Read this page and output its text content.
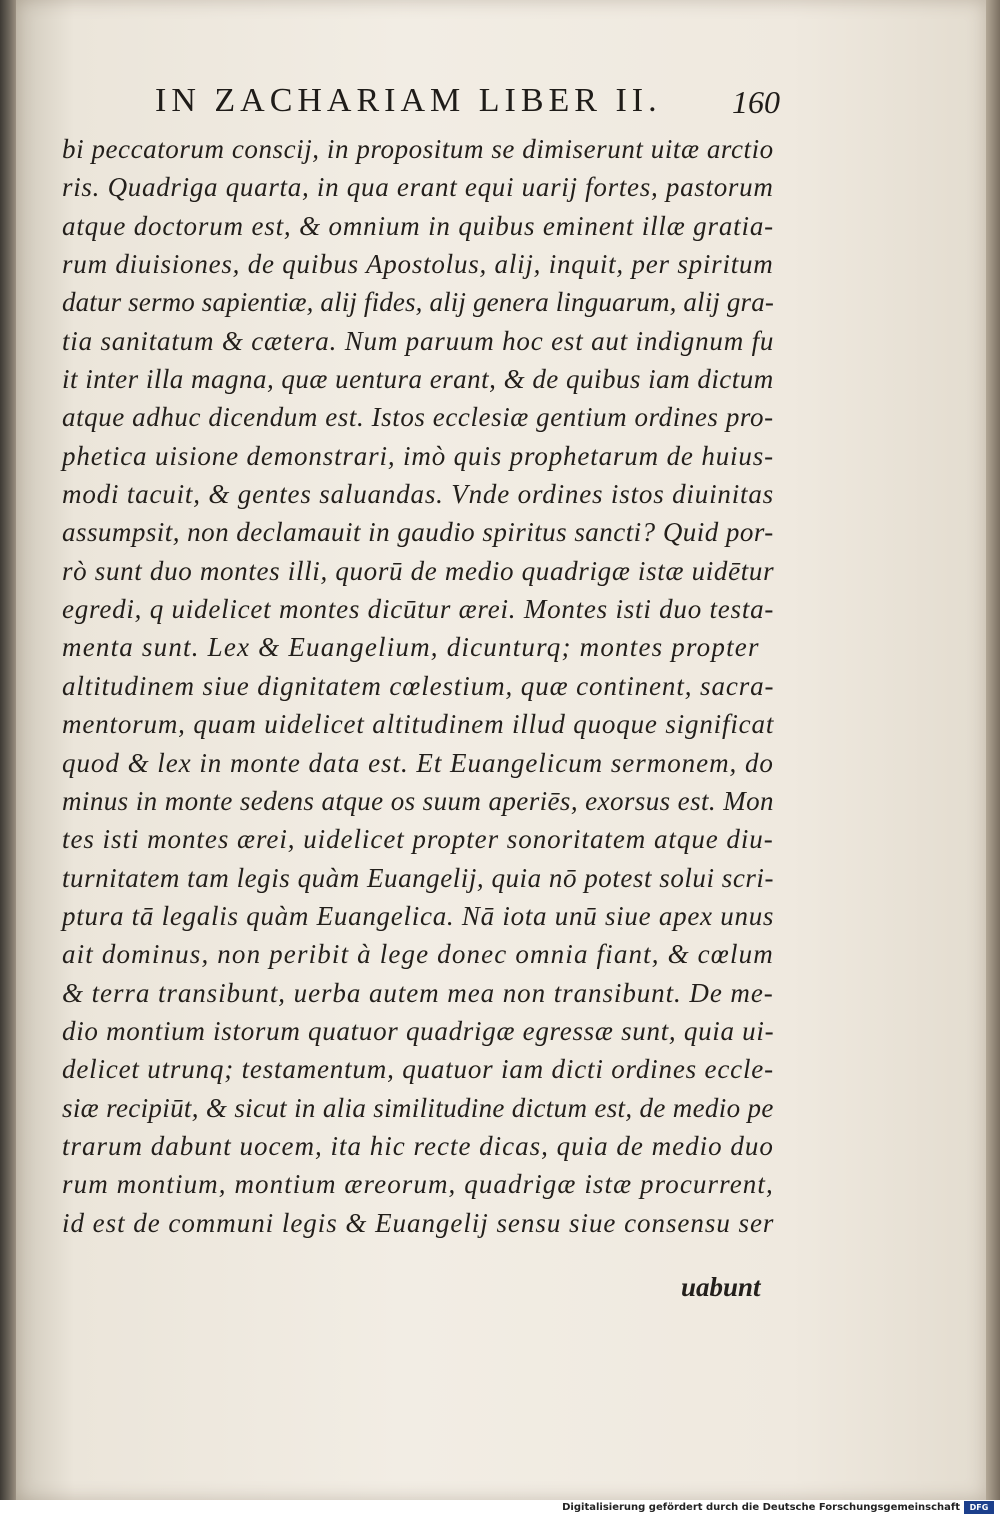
IN ZACHARIAM LIBER II.	160
bi peccatorum conscij, in propositum se dimiserunt uitæ arctio
ris. Quadriga quarta, in qua erant equi uarij fortes, pastorum
atque doctorum est, & omnium in quibus eminent illæ gratia-
rum diuisiones, de quibus Apostolus, alij, inquit, per spiritum
datur sermo sapientiæ, alij fides, alij genera linguarum, alij gra-
tia sanitatum & cætera. Num paruum hoc est aut indignum fu
it inter illa magna, quæ uentura erant, & de quibus iam dictum
atque adhuc dicendum est. Istos ecclesiæ gentium ordines pro-
phetica uisione demonstrari, imò quis prophetarum de huius-
modi tacuit, & gentes saluandas. Vnde ordines istos diuinitas
assumpsit, non declamauit in gaudio spiritus sancti? Quid por-
rò sunt duo montes illi, quorū de medio quadrigæ istæ uidētur
egredi, q uidelicet montes dicūtur ærei. Montes isti duo testa-
menta sunt. Lex & Euangelium, dicunturq; montes propter
altitudinem siue dignitatem cœlestium, quæ continent, sacra-
mentorum, quam uidelicet altitudinem illud quoque significat
quod & lex in monte data est. Et Euangelicum sermonem, do
minus in monte sedens atque os suum aperiēs, exorsus est. Mon
tes isti montes ærei, uidelicet propter sonoritatem atque diu-
turnitatem tam legis quàm Euangelij, quia nō potest solui scri-
ptura tā legalis quàm Euangelica. Nā iota unū siue apex unus
ait dominus, non peribit à lege donec omnia fiant, & cœlum
& terra transibunt, uerba autem mea non transibunt. De me-
dio montium istorum quatuor quadrigæ egressæ sunt, quia ui-
delicet utrunq; testamentum, quatuor iam dicti ordines eccle-
siæ recipiūt, & sicut in alia similitudine dictum est, de medio pe
trarum dabunt uocem, ita hic recte dicas, quia de medio duo
rum montium, montium æreorum, quadrigæ istæ procurrent,
id est de communi legis & Euangelij sensu siue consensu ser
uabunt
Digitalisierung gefördert durch die Deutsche Forschungsgemeinschaft	DFG
